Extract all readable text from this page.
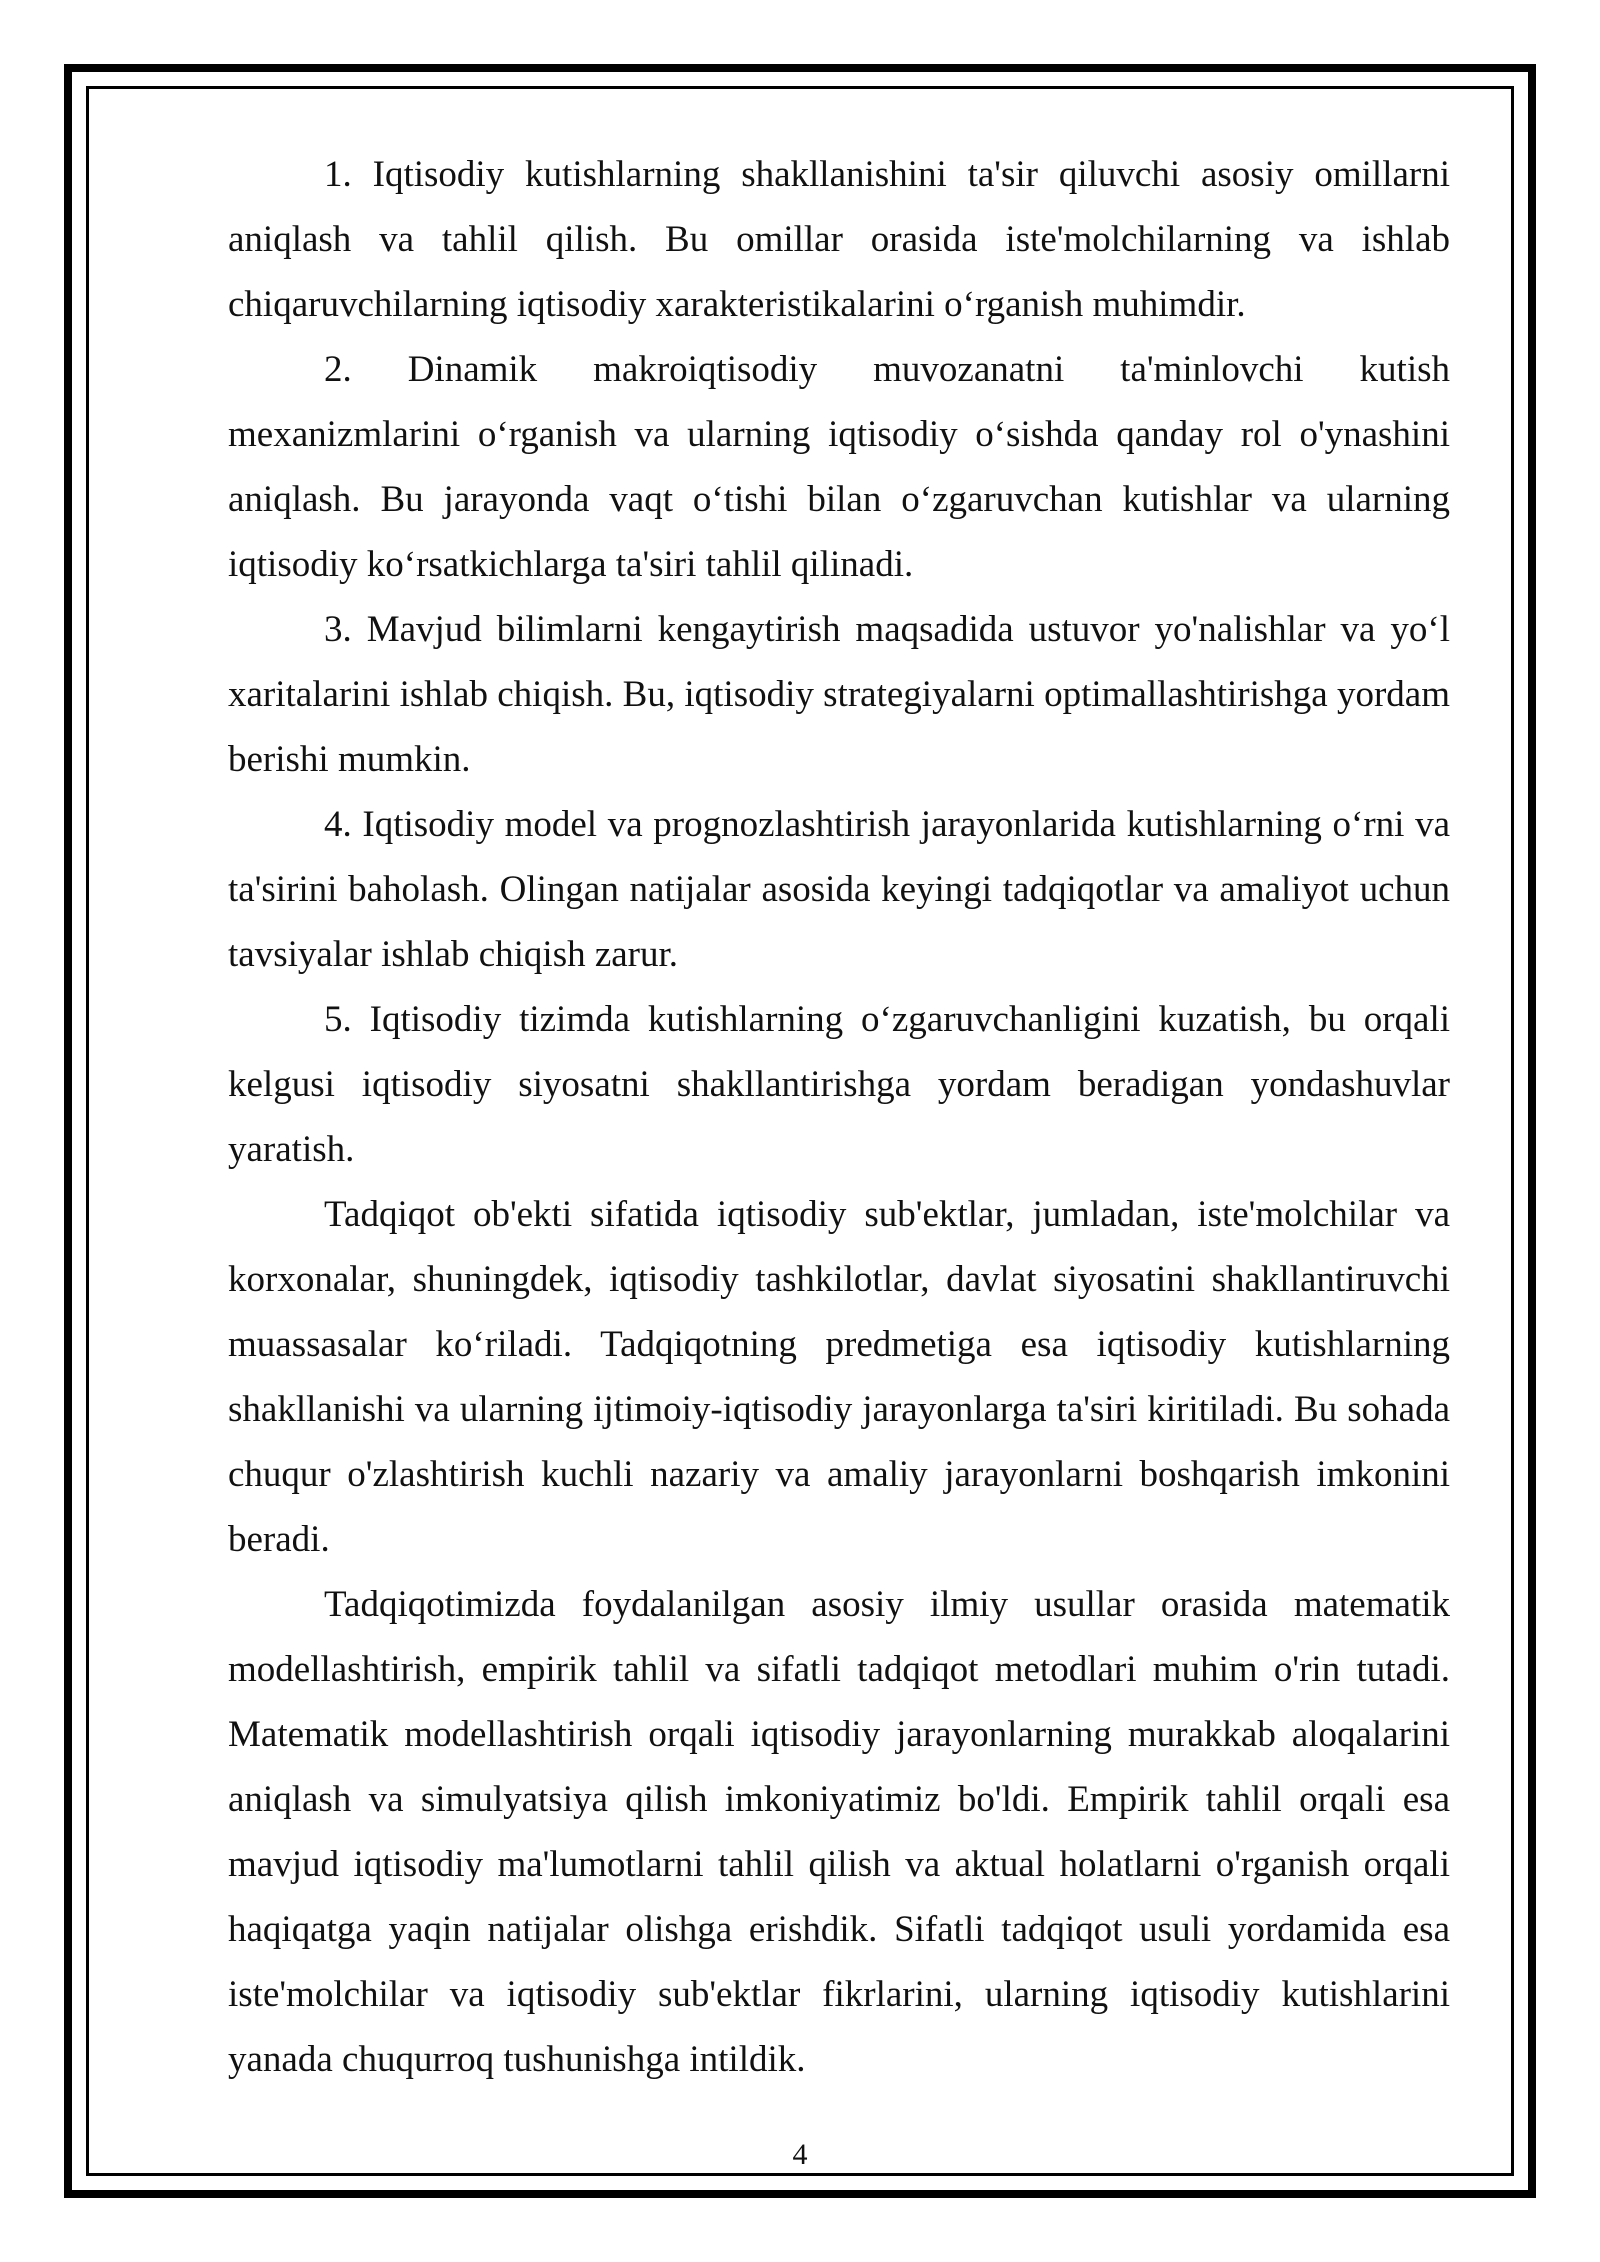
1. Iqtisodiy kutishlarning shakllanishini ta'sir qiluvchi asosiy omillarni aniqlash va tahlil qilish. Bu omillar orasida iste'molchilarning va ishlab chiqaruvchilarning iqtisodiy xarakteristikalarini o‘rganish muhimdir.

2. Dinamik makroiqtisodiy muvozanatni ta'minlovchi kutish mexanizmlarini o‘rganish va ularning iqtisodiy o‘sishda qanday rol o'ynashini aniqlash. Bu jarayonda vaqt o‘tishi bilan o‘zgaruvchan kutishlar va ularning iqtisodiy ko‘rsatkichlarga ta'siri tahlil qilinadi.

3. Mavjud bilimlarni kengaytirish maqsadida ustuvor yo'nalishlar va yo‘l xaritalarini ishlab chiqish. Bu, iqtisodiy strategiyalarni optimallashtirishga yordam berishi mumkin.

4. Iqtisodiy model va prognozlashtirish jarayonlarida kutishlarning o‘rni va ta'sirini baholash. Olingan natijalar asosida keyingi tadqiqotlar va amaliyot uchun tavsiyalar ishlab chiqish zarur.

5. Iqtisodiy tizimda kutishlarning o‘zgaruvchanligini kuzatish, bu orqali kelgusi iqtisodiy siyosatni shakllantirishga yordam beradigan yondashuvlar yaratish.

Tadqiqot ob'ekti sifatida iqtisodiy sub'ektlar, jumladan, iste'molchilar va korxonalar, shuningdek, iqtisodiy tashkilotlar, davlat siyosatini shakllantiruvchi muassasalar ko‘riladi. Tadqiqotning predmetiga esa iqtisodiy kutishlarning shakllanishi va ularning ijtimoiy-iqtisodiy jarayonlarga ta'siri kiritiladi. Bu sohada chuqur o'zlashtirish kuchli nazariy va amaliy jarayonlarni boshqarish imkonini beradi.

Tadqiqotimizda foydalanilgan asosiy ilmiy usullar orasida matematik modellashtirish, empirik tahlil va sifatli tadqiqot metodlari muhim o'rin tutadi. Matematik modellashtirish orqali iqtisodiy jarayonlarning murakkab aloqalarini aniqlash va simulyatsiya qilish imkoniyatimiz bo'ldi. Empirik tahlil orqali esa mavjud iqtisodiy ma'lumotlarni tahlil qilish va aktual holatlarni o'rganish orqali haqiqatga yaqin natijalar olishga erishdik. Sifatli tadqiqot usuli yordamida esa iste'molchilar va iqtisodiy sub'ektlar fikrlarini, ularning iqtisodiy kutishlarini yanada chuqurroq tushunishga intildik.

4
